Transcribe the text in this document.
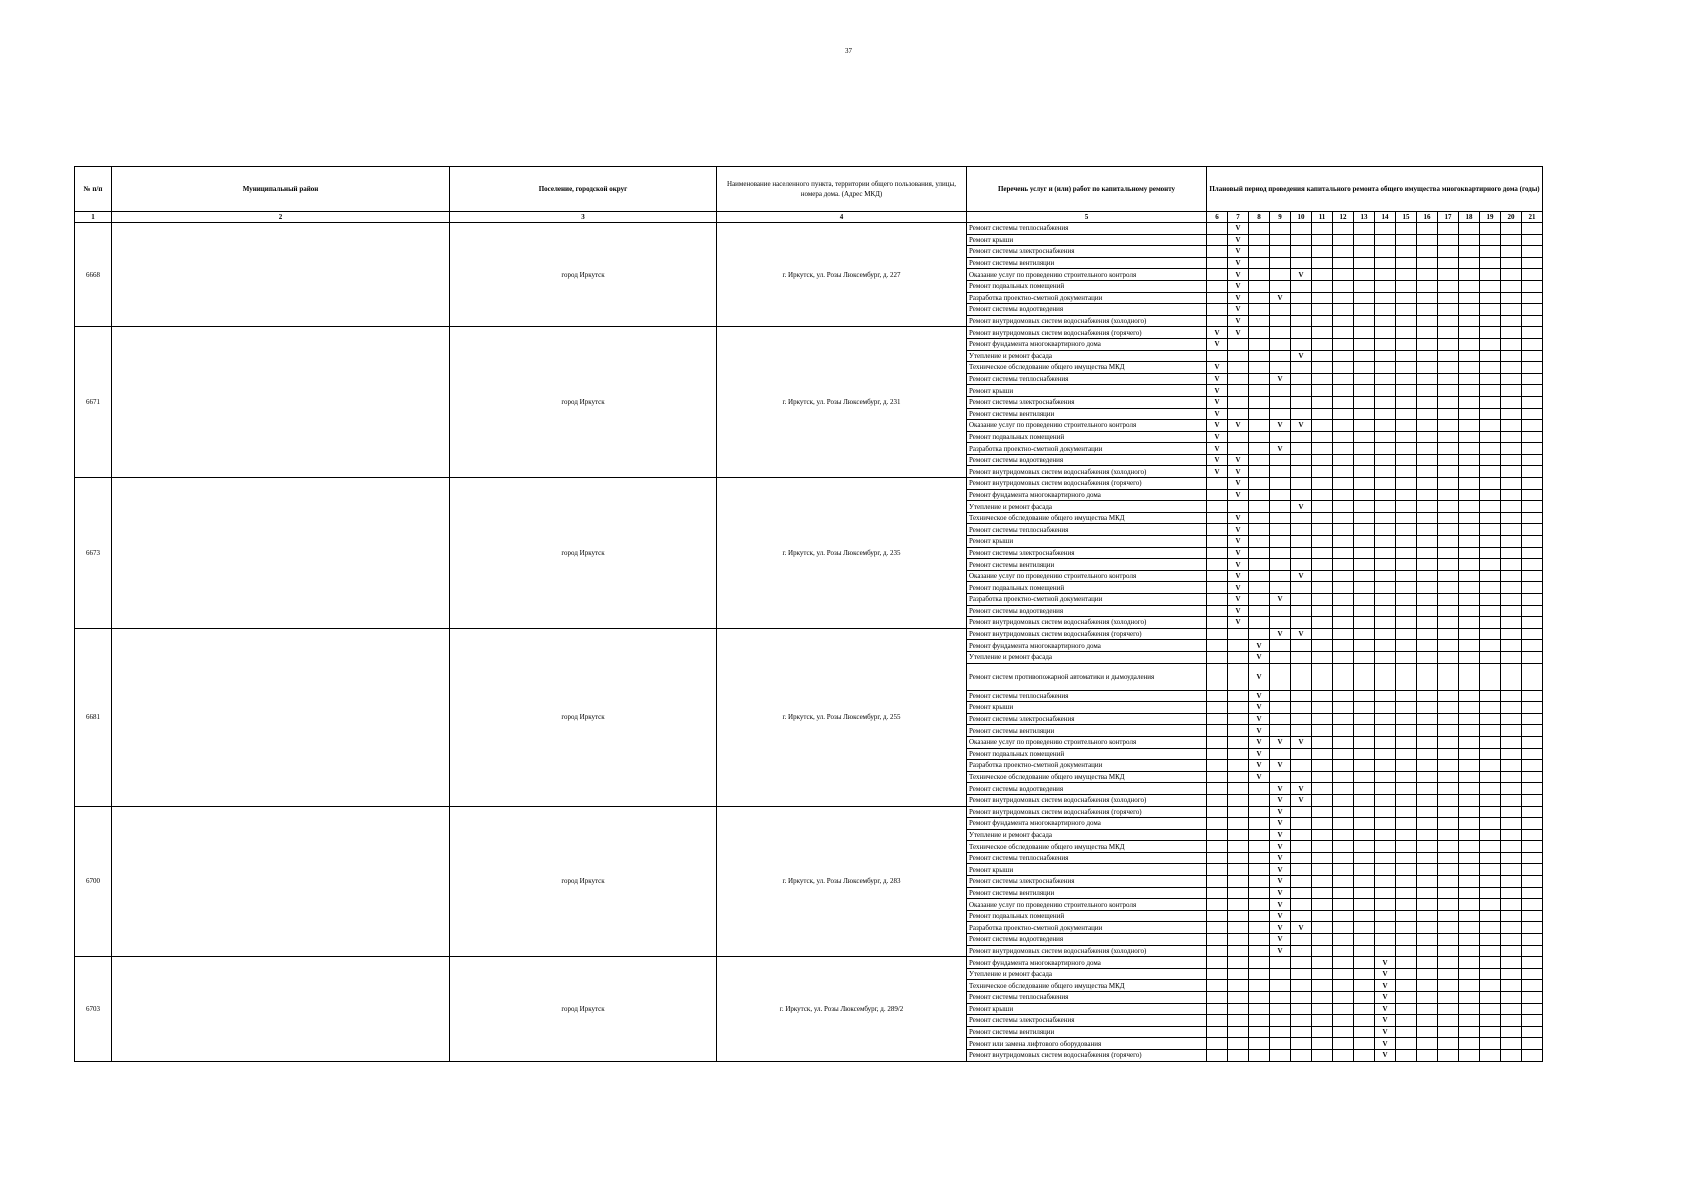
37
№ п/п	Муниципальный район	Поселение, городской округ	Наименование населенного пункта, территории общего пользования, улицы, номера дома. (Адрес МКД)	Перечень услуг и (или) работ по капитальному ремонту	Плановый период проведения капитального ремонта общего имущества многоквартирного дома (годы)															
1	2	3	4	5	6	7	8	9	10	11	12	13	14	15	16	17	18	19	20	21
6668		город Иркутск	г. Иркутск, ул. Розы Люксембург, д. 227	Ремонт системы теплоснабжения		V														
				Ремонт крыши		V														
				Ремонт системы электроснабжения		V														
				Ремонт системы вентиляции		V														
				Оказание услуг по проведению строительного контроля		V			V											
				Ремонт подвальных помещений		V														
				Разработка проектно-сметной документации		V		V												
				Ремонт системы водоотведения		V														
				Ремонт внутридомовых систем водоснабжения (холодного)		V														
6671		город Иркутск	г. Иркутск, ул. Розы Люксембург, д. 231	Ремонт внутридомовых систем водоснабжения (горячего)	V	V														
				Ремонт фундамента многоквартирного дома	V															
				Утепление и ремонт фасада					V											
				Техническое обследование общего имущества МКД	V															
				Ремонт системы теплоснабжения	V			V												
				Ремонт крыши	V															
				Ремонт системы электроснабжения	V															
				Ремонт системы вентиляции	V															
				Оказание услуг по проведению строительного контроля	V	V		V	V											
				Ремонт подвальных помещений	V															
				Разработка проектно-сметной документации	V			V												
				Ремонт системы водоотведения	V	V														
				Ремонт внутридомовых систем водоснабжения (холодного)	V	V														
6673		город Иркутск	г. Иркутск, ул. Розы Люксембург, д. 235	Ремонт внутридомовых систем водоснабжения (горячего)		V														
				Ремонт фундамента многоквартирного дома		V														
				Утепление и ремонт фасада					V											
				Техническое обследование общего имущества МКД		V														
				Ремонт системы теплоснабжения		V														
				Ремонт крыши		V														
				Ремонт системы электроснабжения		V														
				Ремонт системы вентиляции		V														
				Оказание услуг по проведению строительного контроля		V			V											
				Ремонт подвальных помещений		V														
				Разработка проектно-сметной документации		V		V												
				Ремонт системы водоотведения		V														
				Ремонт внутридомовых систем водоснабжения (холодного)		V														
6681		город Иркутск	г. Иркутск, ул. Розы Люксембург, д. 255	Ремонт внутридомовых систем водоснабжения (горячего)				V	V											
				Ремонт фундамента многоквартирного дома			V													
				Утепление и ремонт фасада			V													
				Ремонт систем противопожарной автоматики и дымоудаления			V													
				Ремонт системы теплоснабжения			V													
				Ремонт крыши			V													
				Ремонт системы электроснабжения			V													
				Ремонт системы вентиляции			V													
				Оказание услуг по проведению строительного контроля			V	V	V											
				Ремонт подвальных помещений			V													
				Разработка проектно-сметной документации			V	V												
				Техническое обследование общего имущества МКД			V													
				Ремонт системы водоотведения				V	V											
				Ремонт внутридомовых систем водоснабжения (холодного)				V	V											
6700		город Иркутск	г. Иркутск, ул. Розы Люксембург, д. 283	Ремонт внутридомовых систем водоснабжения (горячего)				V												
				Ремонт фундамента многоквартирного дома				V												
				Утепление и ремонт фасада				V												
				Техническое обследование общего имущества МКД				V												
				Ремонт системы теплоснабжения				V												
				Ремонт крыши				V												
				Ремонт системы электроснабжения				V												
				Ремонт системы вентиляции				V												
				Оказание услуг по проведению строительного контроля				V												
				Ремонт подвальных помещений				V												
				Разработка проектно-сметной документации				V	V											
				Ремонт системы водоотведения				V												
				Ремонт внутридомовых систем водоснабжения (холодного)				V												
6703		город Иркутск	г. Иркутск, ул. Розы Люксембург, д. 289/2	Ремонт фундамента многоквартирного дома									V							
				Утепление и ремонт фасада									V							
				Техническое обследование общего имущества МКД									V							
				Ремонт системы теплоснабжения									V							
				Ремонт крыши									V							
				Ремонт системы электроснабжения									V							
				Ремонт системы вентиляции									V							
				Ремонт или замена лифтового оборудования									V							
				Ремонт внутридомовых систем водоснабжения (горячего)									V							
